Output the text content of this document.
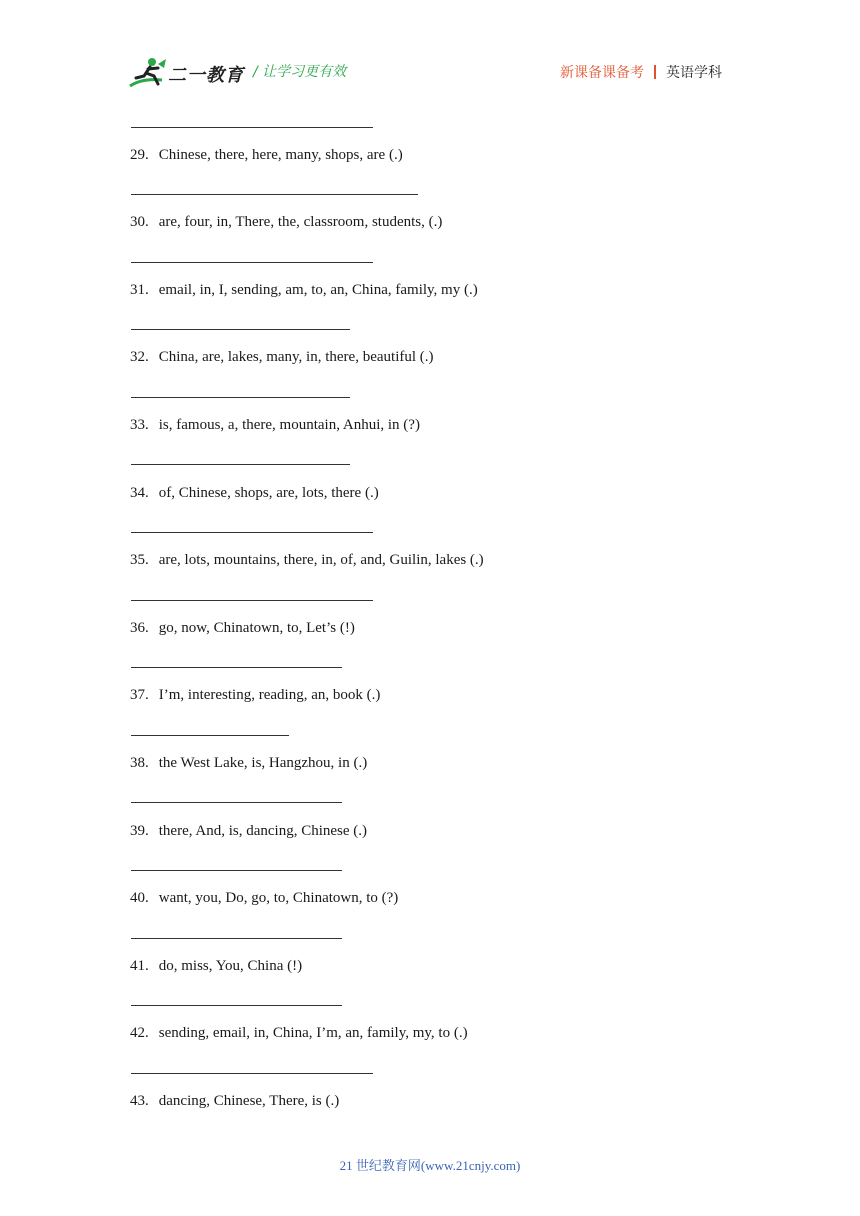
二一教育 / 让学习更有效	新课备课备考 英语学科
29. Chinese, there, here, many, shops, are (.)
30. are, four, in, There, the, classroom, students, (.)
31. email, in, I, sending, am, to, an, China, family, my (.)
32. China, are, lakes, many, in, there, beautiful (.)
33. is, famous, a, there, mountain, Anhui, in (?)
34. of, Chinese, shops, are, lots, there (.)
35. are, lots, mountains, there, in, of, and, Guilin, lakes (.)
36. go, now, Chinatown, to, Let’s (!)
37. I’m, interesting, reading, an, book (.)
38. the West Lake, is, Hangzhou, in (.)
39. there, And, is, dancing, Chinese (.)
40. want, you, Do, go, to, Chinatown, to (?)
41. do, miss, You, China (!)
42. sending, email, in, China, I’m, an, family, my, to (.)
43. dancing, Chinese, There, is (.)
21 世纪教育网(www.21cnjy.com)
